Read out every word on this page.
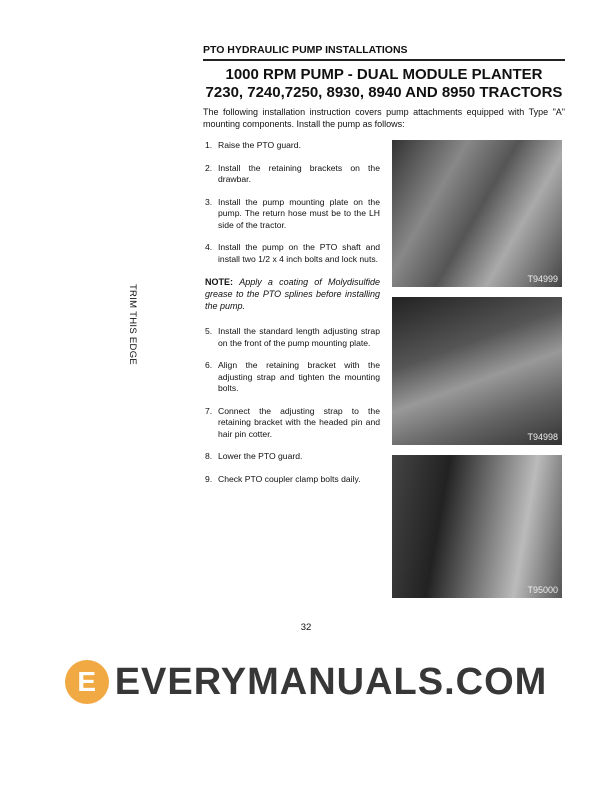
PTO HYDRAULIC PUMP INSTALLATIONS
1000 RPM PUMP - DUAL MODULE PLANTER
7230, 7240,7250, 8930, 8940 AND 8950 TRACTORS
The following installation instruction covers pump attachments equipped with Type "A" mounting components. Install the pump as follows:
1. Raise the PTO guard.
2. Install the retaining brackets on the drawbar.
3. Install the pump mounting plate on the pump. The return hose must be to the LH side of the tractor.
4. Install the pump on the PTO shaft and install two 1/2 x 4 inch bolts and lock nuts.
NOTE: Apply a coating of Molydisulfide grease to the PTO splines before installing the pump.
5. Install the standard length adjusting strap on the front of the pump mounting plate.
6. Align the retaining bracket with the adjusting strap and tighten the mounting bolts.
7. Connect the adjusting strap to the retaining bracket with the headed pin and hair pin cotter.
8. Lower the PTO guard.
9. Check PTO coupler clamp bolts daily.
T94999
T94998
T95000
TRIM THIS EDGE
32
E EVERYMANUALS.COM
